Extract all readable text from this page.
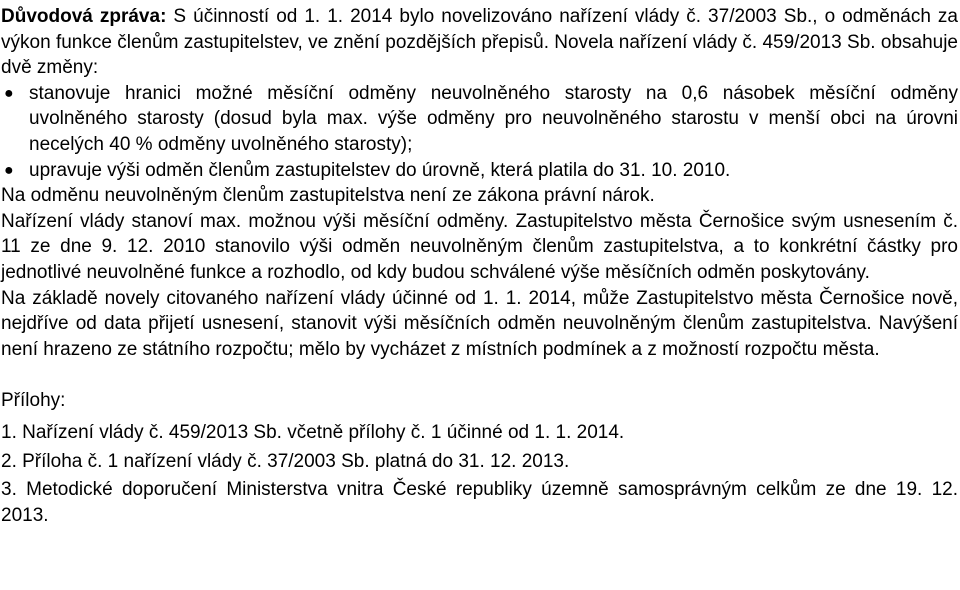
Důvodová zpráva: S účinností od 1. 1. 2014 bylo novelizováno nařízení vlády č. 37/2003 Sb., o odměnách za výkon funkce členům zastupitelstev, ve znění pozdějších přepisů. Novela nařízení vlády č. 459/2013 Sb. obsahuje dvě změny:

● stanovuje hranici možné měsíční odměny neuvolněného starosty na 0,6 násobek měsíční odměny uvolněného starosty (dosud byla max. výše odměny pro neuvolněného starostu v menší obci na úrovni necelých 40 % odměny uvolněného starosty);
● upravuje výši odměn členům zastupitelstev do úrovně, která platila do 31. 10. 2010.

Na odměnu neuvolněným členům zastupitelstva není ze zákona právní nárok.

Nařízení vlády stanoví max. možnou výši měsíční odměny. Zastupitelstvo města Černošice svým usnesením č. 11 ze dne 9. 12. 2010 stanovilo výši odměn neuvolněným členům zastupitelstva, a to konkrétní částky pro jednotlivé neuvolněné funkce a rozhodlo, od kdy budou schválené výše měsíčních odměn poskytovány.

Na základě novely citovaného nařízení vlády účinné od 1. 1. 2014, může Zastupitelstvo města Černošice nově, nejdříve od data přijetí usnesení, stanovit výši měsíčních odměn neuvolněným členům zastupitelstva. Navýšení není hrazeno ze státního rozpočtu; mělo by vycházet z místních podmínek a z možností rozpočtu města.

Přílohy:

1. Nařízení vlády č. 459/2013 Sb. včetně přílohy č. 1 účinné od 1. 1. 2014.
2. Příloha č. 1 nařízení vlády č. 37/2003 Sb. platná do 31. 12. 2013.
3. Metodické doporučení Ministerstva vnitra České republiky územně samosprávným celkům ze dne 19. 12. 2013.
